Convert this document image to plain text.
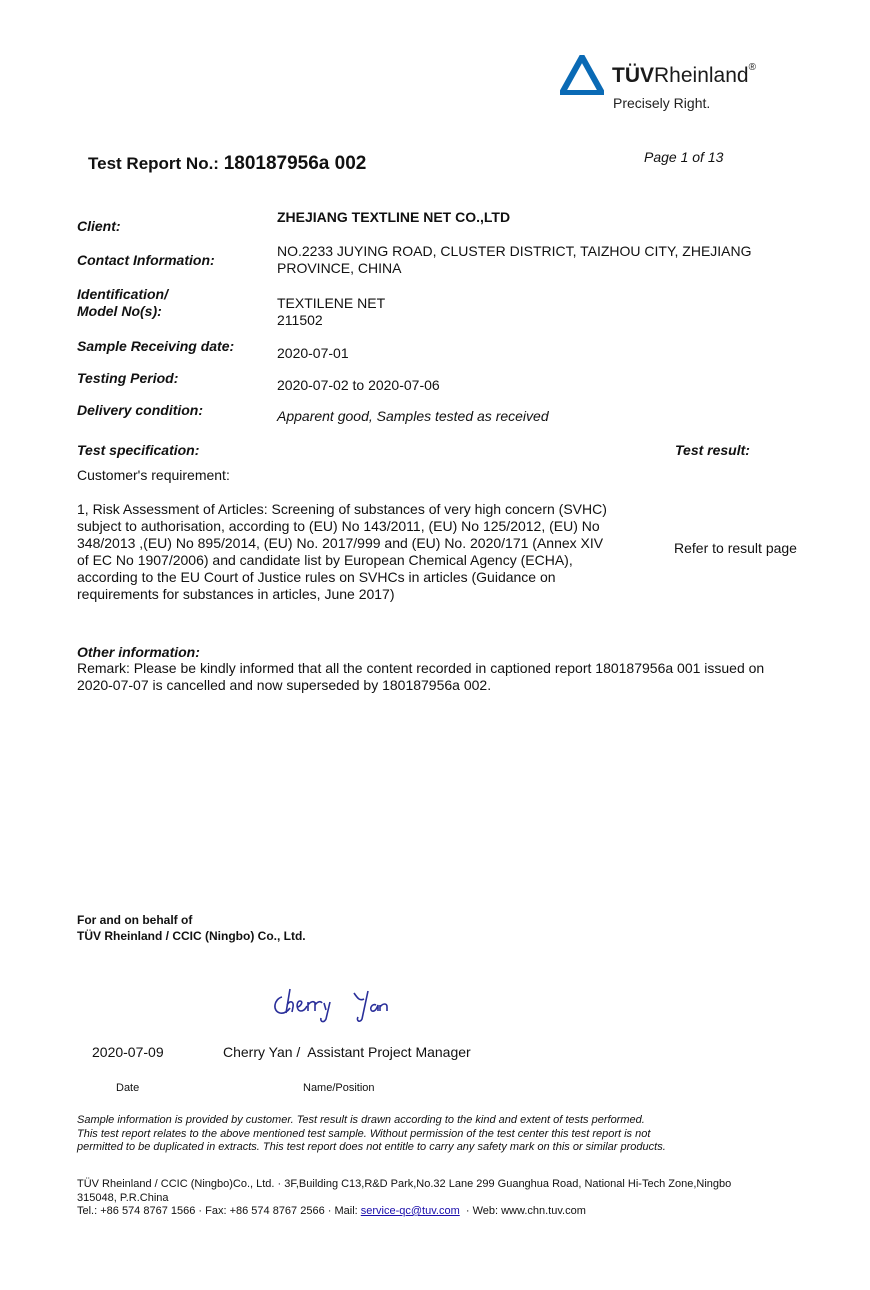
TÜVRheinland®
Precisely Right.
Test Report No.: 180187956a 002	Page 1 of 13
Client:
ZHEJIANG TEXTLINE NET CO.,LTD
Contact Information:
NO.2233 JUYING ROAD, CLUSTER DISTRICT, TAIZHOU CITY, ZHEJIANG
PROVINCE, CHINA
Identification/
Model No(s):	TEXTILENE NET
211502
Sample Receiving date:	2020-07-01
Testing Period:	2020-07-02 to 2020-07-06
Delivery condition:	Apparent good, Samples tested as received
Test specification:	Test result:
Customer's requirement:
1, Risk Assessment of Articles: Screening of substances of very high concern (SVHC)
subject to authorisation, according to (EU) No 143/2011, (EU) No 125/2012, (EU) No
348/2013 ,(EU) No 895/2014, (EU) No. 2017/999 and (EU) No. 2020/171 (Annex XIV
of EC No 1907/2006) and candidate list by European Chemical Agency (ECHA),
according to the EU Court of Justice rules on SVHCs in articles (Guidance on
requirements for substances in articles, June 2017)
Refer to result page
Other information:
Remark: Please be kindly informed that all the content recorded in captioned report 180187956a 001 issued on
2020-07-07 is cancelled and now superseded by 180187956a 002.
For and on behalf of
TÜV Rheinland / CCIC (Ningbo) Co., Ltd.
2020-07-09	Cherry Yan /  Assistant Project Manager
Date	Name/Position
Sample information is provided by customer. Test result is drawn according to the kind and extent of tests performed.
This test report relates to the above mentioned test sample. Without permission of the test center this test report is not
permitted to be duplicated in extracts. This test report does not entitle to carry any safety mark on this or similar products.
TÜV Rheinland / CCIC (Ningbo)Co., Ltd. · 3F,Building C13,R&D Park,No.32 Lane 299 Guanghua Road, National Hi-Tech Zone,Ningbo
315048, P.R.China
Tel.: +86 574 8767 1566 · Fax: +86 574 8767 2566 · Mail: service-qc@tuv.com  · Web: www.chn.tuv.com
